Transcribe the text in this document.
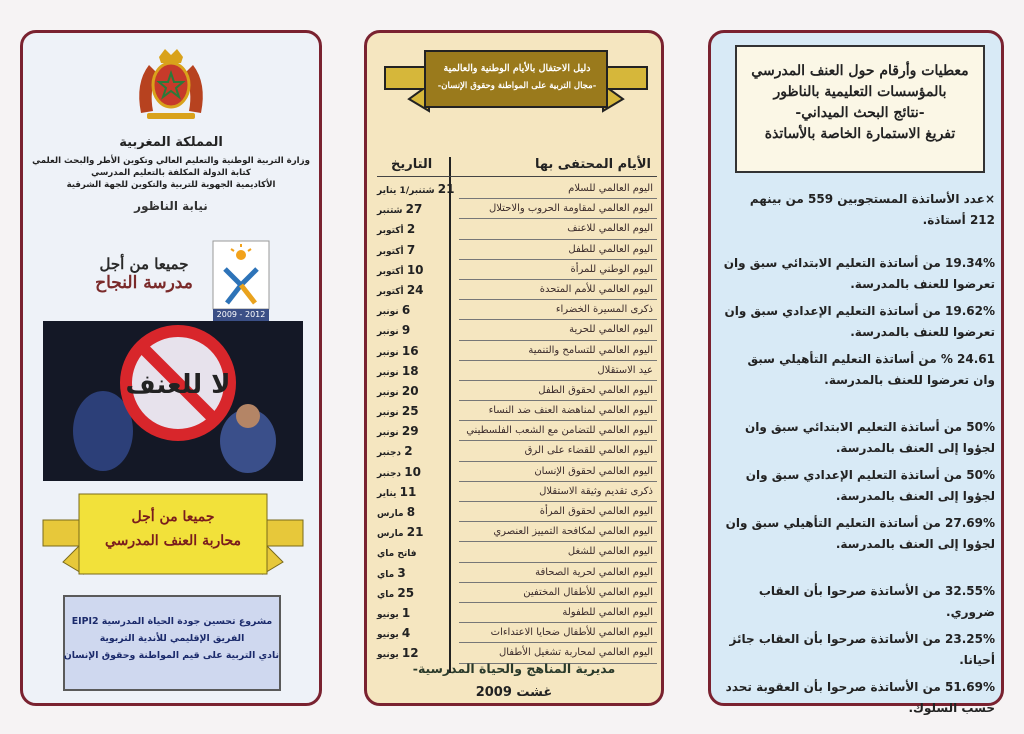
المملكة المغربية
وزارة التربية الوطنية والتعليم العالي وتكوين الأطر والبحث العلمي
كتابة الدولة المكلفة بالتعليم المدرسي
الأكاديمية الجهوية للتربية والتكوين للجهة الشرقية
نيابة الناظور
جميعا من أجل
مدرسة النجاح
2009 - 2012
لا للعنف
جميعا من أجل
محاربة العنف المدرسي
مشروع تحسين جودة الحياة المدرسية EIPI2
الفريق الإقليمي للأندية التربوية
نادي التربية على قيم المواطنة وحقوق الإنسان
دليل الاحتفال بالأيام الوطنية والعالمية
-مجال التربية على المواطنة وحقوق الإنسان-
الأيام المحتفى بها
التاريخ
اليوم العالمي للسلام
21 شتنبر/1 يناير
اليوم العالمي لمقاومة الحروب والاحتلال
27 شتنبر
اليوم العالمي للاعنف
2 أكتوبر
اليوم العالمي للطفل
7 أكتوبر
اليوم الوطني للمرأة
10 أكتوبر
اليوم العالمي للأمم المتحدة
24 أكتوبر
ذكرى المسيرة الخضراء
6 نونبر
اليوم العالمي للحرية
9 نونبر
اليوم العالمي للتسامح والتنمية
16 نونبر
عيد الاستقلال
18 نونبر
اليوم العالمي لحقوق الطفل
20 نونبر
اليوم العالمي لمناهضة العنف ضد النساء
25 نونبر
اليوم العالمي للتضامن مع الشعب الفلسطيني
29 نونبر
اليوم العالمي للقضاء على الرق
2 دجنبر
اليوم العالمي لحقوق الإنسان
10 دجنبر
ذكرى تقديم وثيقة الاستقلال
11 يناير
اليوم العالمي لحقوق المرأة
8 مارس
اليوم العالمي لمكافحة التمييز العنصري
21 مارس
اليوم العالمي للشغل
فاتح ماي
اليوم العالمي لحرية الصحافة
3 ماي
اليوم العالمي للأطفال المختفين
25 ماي
اليوم العالمي للطفولة
1 يونيو
اليوم العالمي للأطفال ضحايا الاعتداءات
4 يونيو
اليوم العالمي لمحاربة تشغيل الأطفال
12 يونيو
مديرية المناهج والحياة المدرسية-
غشت 2009
معطيات وأرقام حول العنف المدرسي
بالمؤسسات التعليمية بالناظور
-نتائج البحث الميداني-
تفريغ الاستمارة الخاصة بالأساتذة

×عدد الأساتذة المستجوبين 559 من بينهم 212 أستاذة.

19.34% من أساتذة التعليم الابتدائي سبق وان تعرضوا للعنف بالمدرسة.

19.62% من أساتذة التعليم الإعدادي سبق وان تعرضوا للعنف بالمدرسة.

24.61 % من أساتذة التعليم التأهيلي سبق وان تعرضوا للعنف بالمدرسة.

50% من أساتذة التعليم الابتدائي سبق وان لجؤوا إلى العنف بالمدرسة.

50% من أساتذة التعليم الإعدادي سبق وان لجؤوا إلى العنف بالمدرسة.

27.69% من أساتذة التعليم التأهيلي سبق وان لجؤوا إلى العنف بالمدرسة.

32.55% من الأساتذة صرحوا بأن العقاب ضروري.

23.25% من الأساتذة صرحوا بأن العقاب جائز أحيانا.

51.69% من الأساتذة صرحوا بأن العقوبة تحدد حسب السلوك.
